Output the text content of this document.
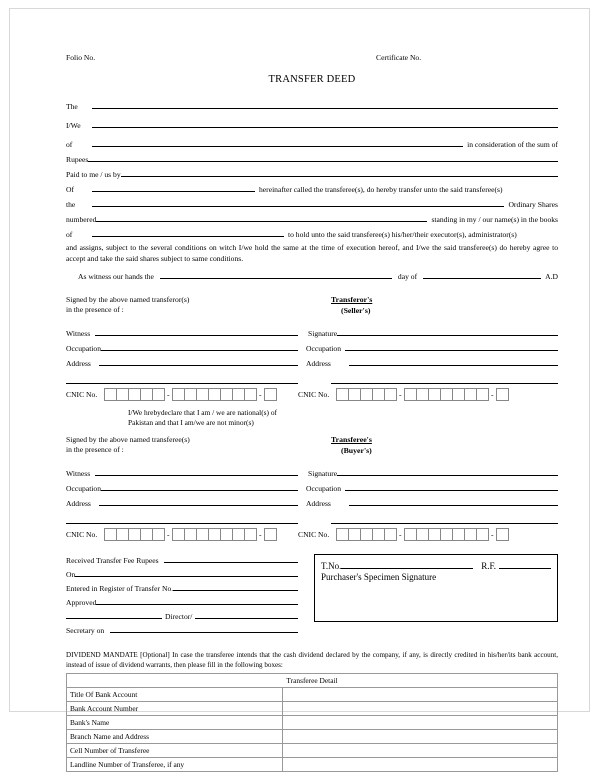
Folio No.	Certificate No.
TRANSFER DEED
The
I/We
of	in consideration of the sum of
Rupees
Paid to me / us by
Of	hereinafter called the transferee(s), do hereby transfer unto the said transferee(s)
the	Ordinary Shares
numbered	standing in my / our name(s) in the books
of	to hold unto the said transferee(s) his/her/their executor(s), administrator(s)

and assigns, subject to the several conditions on witch I/we hold the same at the time of execution hereof, and I/we the said transferee(s) do hereby agree to accept and take the said shares subject to same conditions.

As witness our hands the	day of	A.D
Signed by the above named transferor(s)
in the presence of :
Witness
Occupation
Address
CNIC No.	-	-
Transferor's
(Seller's)
Signature
Occupation
Address
CNIC No.	-	-
I/We hrebydeclare that I am / we are national(s) of
Pakistan and that I am/we are not minor(s)
Signed by the above named transferee(s)
in the presence of :
Witness
Occupation
Address
CNIC No.	-	-
Transferee's
(Buyer's)
Signature
Occupation
Address
CNIC No.	-	-
Received Transfer Fee Rupees
On
Entered in Register of Transfer No.
Approved
Director/
Secretary on
T.No.	R.F.
Purchaser's Specimen Signature
DIVIDEND MANDATE [Optional] In case the transferee intends that the cash dividend declared by the company, if any, is directly credited in his/her/its bank account, instead of issue of dividend warrants, then please fill in the following boxes:
Transferee Detail	
Title Of Bank Account	
Bank Account Number	
Bank's Name	
Branch Name and Address	
Cell Number of Transferee	
Landline Number of Transferee, if any	
